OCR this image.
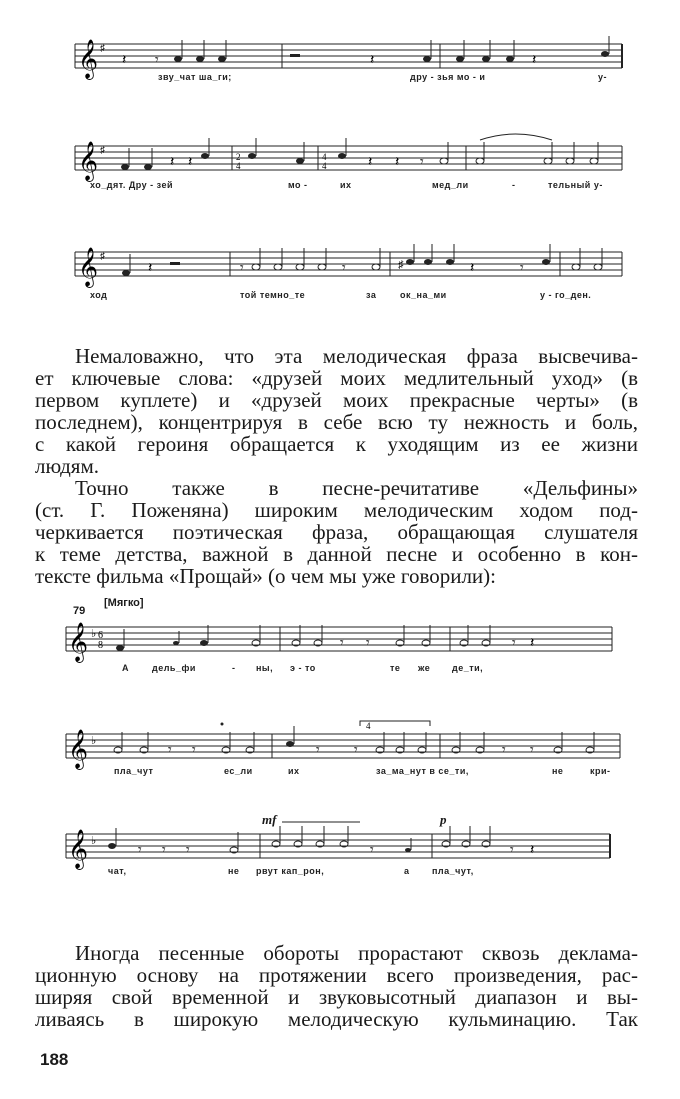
𝄞 ♯
𝄽 𝄾	𝄽	𝄽
зву_чат ша_ги;	дру - зья мо - и	у-
𝄞 ♯
𝄽 𝄽	𝄽 𝄽 𝄾
2
4
4
4
хо_дят. Дру - зей	мо -	их	мед_ли	-	тельный у-
𝄞 ♯
𝄽	𝄾	𝄾	𝄽	𝄾
♯
ход	той темно_те	за	ок_на_ми	у - го_ден.
Немаловажно, что эта мелодическая фраза высвечива-
ет ключевые слова: «друзей моих медлительный уход» (в
первом куплете) и «друзей моих прекрасные черты» (в
последнем), концентрируя в себе всю ту нежность и боль,
с какой героиня обращается к уходящим из ее жизни
людям.
Точно также в песне-речитативе «Дельфины»
(ст. Г. Поженяна) широким мелодическим ходом под-
черкивается поэтическая фраза, обращающая слушателя
к теме детства, важной в данной песне и особенно в кон-
тексте фильма «Прощай» (о чем мы уже говорили):
79
[Мягко]
𝄞 ♭ 6
8	𝄾 𝄾	𝄾 𝄽
А	дель_фи	- ны, э - то	те же де_ти,
4
𝄞 ♭
𝄾 𝄾	𝄾 𝄾	𝄾 𝄾
пла_чут	ес_ли	их	за_ма_нут в се_ти,	не	кри-
mf	p
𝄞 ♭
𝄾 𝄾 𝄾	𝄾	𝄾 𝄽
чат,	не рвут кап_рон,	а пла_чут,
Иногда песенные обороты прорастают сквозь деклама-
ционную основу на протяжении всего произведения, рас-
ширяя свой временной и звуковысотный диапазон и вы-
ливаясь в широкую мелодическую кульминацию. Так
188
